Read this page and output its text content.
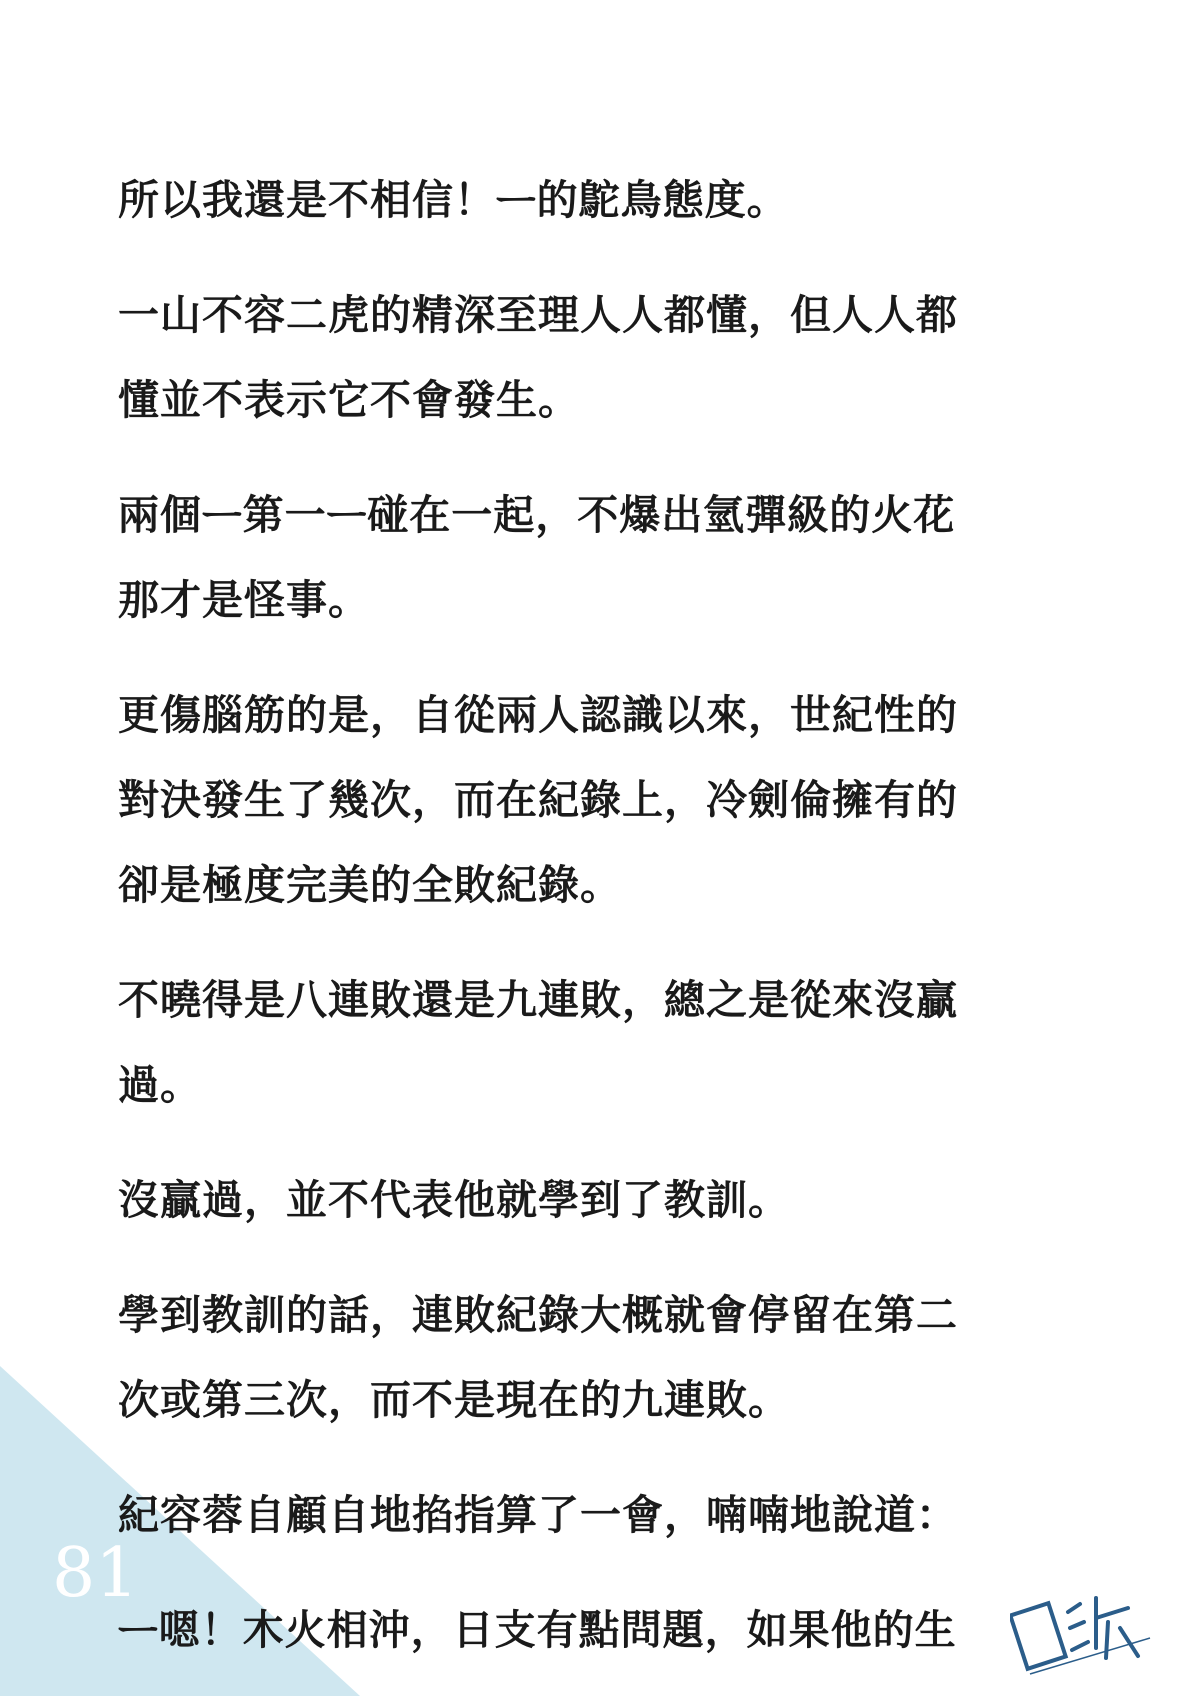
81

所以我還是不相信！ᅳ的鴕鳥態度。

一山不容二虎的精深至理人人都懂，但人人都
懂並不表示它不會發生。

兩個ᅳ第一ᅳ碰在一起，不爆出氫彈級的火花
那才是怪事。

更傷腦筋的是，自從兩人認識以來，世紀性的
對決發生了幾次，而在紀錄上，冷劍倫擁有的
卻是極度完美的全敗紀錄。

不曉得是八連敗還是九連敗，總之是從來沒贏
過。

沒贏過，並不代表他就學到了教訓。

學到教訓的話，連敗紀錄大概就會停留在第二
次或第三次，而不是現在的九連敗。

紀容蓉自顧自地掐指算了一會，喃喃地說道：

ᅳ嗯！木火相沖，日支有點問題，如果他的生
